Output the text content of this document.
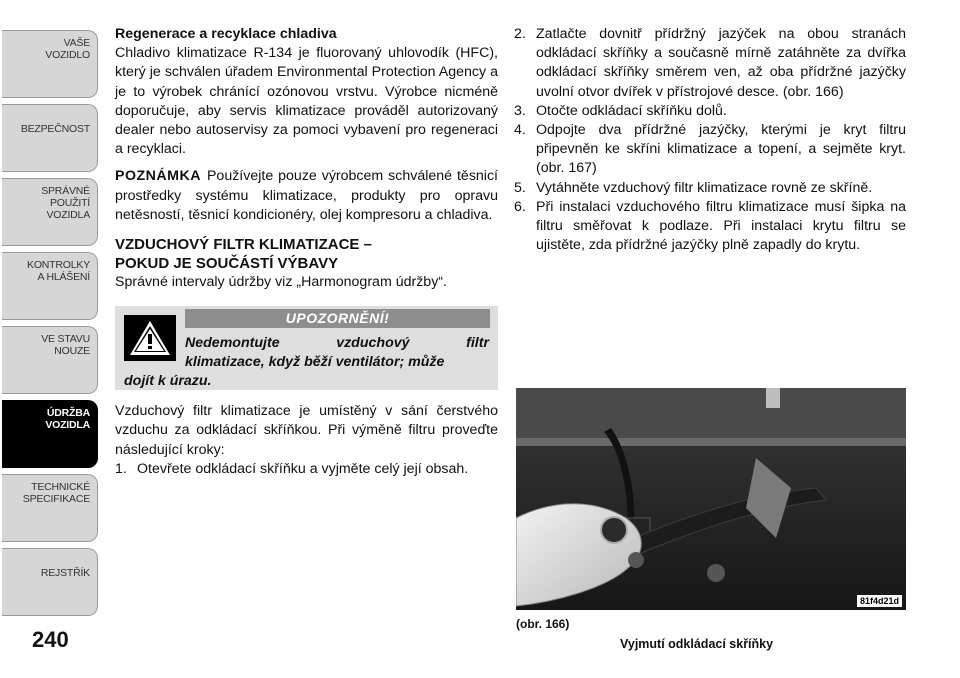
VAŠE
VOZIDLO
BEZPEČNOST
SPRÁVNÉ
POUŽITÍ
VOZIDLA
KONTROLKY
A HLÁŠENÍ
VE STAVU
NOUZE
ÚDRŽBA
VOZIDLA
TECHNICKÉ
SPECIFIKACE
REJSTŘÍK
240

Regenerace a recyklace chladiva

Chladivo klimatizace R-134 je fluorovaný uhlovodík (HFC), který je schválen úřadem Environmental Protection Agency a je to výrobek chránící ozónovou vrstvu. Výrobce nicméně doporučuje, aby servis klimatizace prováděl autorizovaný dealer nebo autoservisy za pomoci vybavení pro regeneraci a recyklaci.

POZNÁMKA Používejte pouze výrobcem schválené těsnicí prostředky systému klimatizace, produkty pro opravu netěsností, těsnicí kondicionéry, olej kompresoru a chladiva.

VZDUCHOVÝ FILTR KLIMATIZACE –
POKUD JE SOUČÁSTÍ VÝBAVY

Správné intervaly údržby viz „Harmonogram údržby“.

UPOZORNĚNÍ!
Nedemontujte vzduchový filtr
klimatizace, když běží ventilátor; může
dojít k úrazu.

Vzduchový filtr klimatizace je umístěný v sání čerstvého vzduchu za odkládací skříňkou. Při výměně filtru proveďte následující kroky:

1. Otevřete odkládací skříňku a vyjměte celý její obsah.
2. Zatlačte dovnitř přídržný jazýček na obou stranách odkládací skříňky a současně mírně zatáhněte za dvířka odkládací skříňky směrem ven, až oba přídržné jazýčky uvolní otvor dvířek v přístrojové desce. (obr. 166)
3. Otočte odkládací skříňku dolů.
4. Odpojte dva přídržné jazýčky, kterými je kryt filtru připevněn ke skříni klimatizace a topení, a sejměte kryt. (obr. 167)
5. Vytáhněte vzduchový filtr klimatizace rovně ze skříně.
6. Při instalaci vzduchového filtru klimatizace musí šipka na filtru směřovat k podlaze. Při instalaci krytu filtru se ujistěte, zda přídržné jazýčky plně zapadly do krytu.
81f4d21d
(obr. 166)
Vyjmutí odkládací skříňky
